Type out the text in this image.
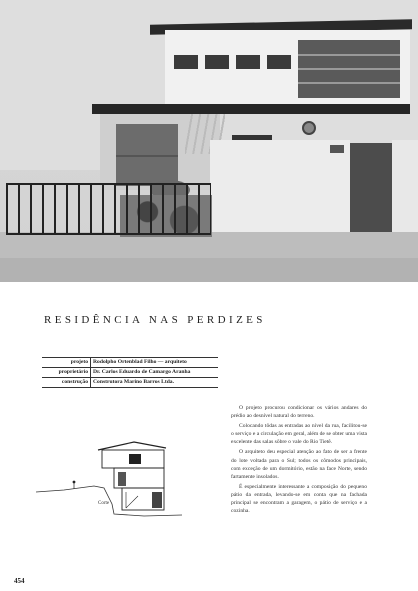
RESIDÊNCIA NAS PERDIZES
projeto	Rodolpho Ortenblad Filho — arquiteto
proprietário	Dr. Carlos Eduardo de Camargo Aranha
construção	Construtora Marino Barros Ltda.
Corte

O projeto procurou condicionar os vários andares do prédio ao desnível natural do terreno.

Colocando tôdas as entradas ao nível da rua, facilitou-se o serviço e a circulação em geral, além de se obter uma vista excelente das salas sôbre o vale do Rio Tietê.

O arquiteto deu especial atenção ao fato de ser a frente do lote voltada para o Sul; todos os cômodos principais, com exceção de um dormitório, estão na face Norte, sendo fartamente insolados.

É especialmente interessante a composição do pequeno pátio da entrada, levando-se em conta que na fachada principal se encontram a garagem, o pátio de serviço e a cozinha.

454
